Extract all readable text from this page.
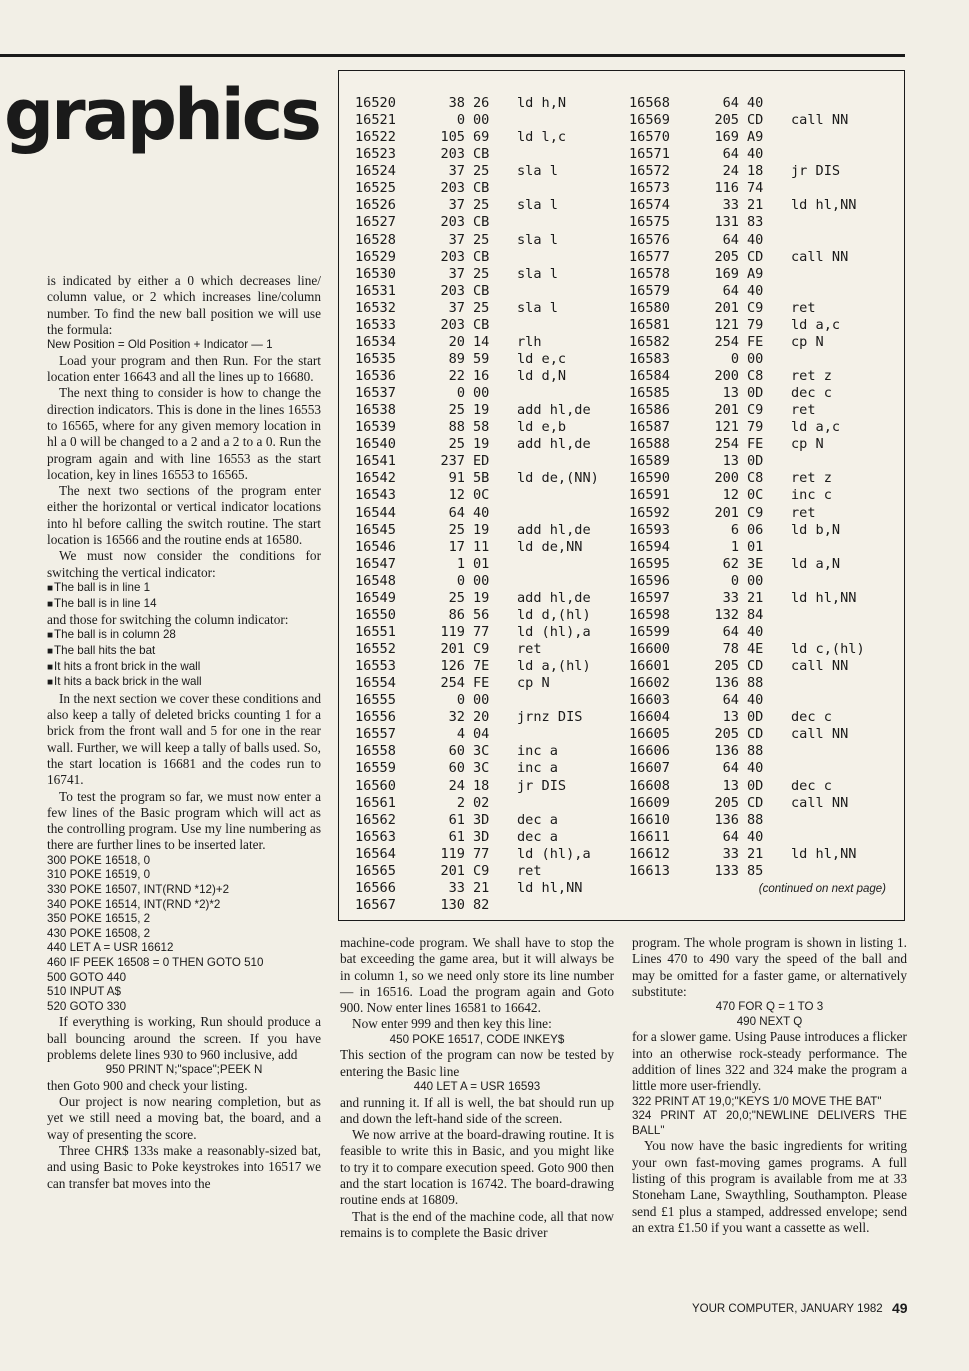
graphics

is indicated by either a 0 which decreases line/ column value, or 2 which increases line/column number. To find the new ball position we will use the formula:

New Position = Old Position + Indicator — 1

Load your program and then Run. For the start location enter 16643 and all the lines up to 16680.

The next thing to consider is how to change the direction indicators. This is done in the lines 16553 to 16565, where for any given memory location in hl a 0 will be changed to a 2 and a 2 to a 0. Run the program again and with line 16553 as the start location, key in lines 16553 to 16565.

The next two sections of the program enter either the horizontal or vertical indicator locations into hl before calling the switch routine. The start location is 16566 and the routine ends at 16580.

We must now consider the conditions for switching the vertical indicator:

■ The ball is in line 1

■ The ball is in line 14

and those for switching the column indicator:

■ The ball is in column 28

■ The ball hits the bat

■ It hits a front brick in the wall

■ It hits a back brick in the wall

In the next section we cover these conditions and also keep a tally of deleted bricks counting 1 for a brick from the front wall and 5 for one in the rear wall. Further, we will keep a tally of balls used. So, the start location is 16681 and the codes run to 16741.

To test the program so far, we must now enter a few lines of the Basic program which will act as the controlling program. Use my line numbering as there are further lines to be inserted later.

300 POKE 16518, 0

310 POKE 16519, 0

330 POKE 16507, INT(RND *12)+2

340 POKE 16514, INT(RND *2)*2

350 POKE 16515, 2

430 POKE 16508, 2

440 LET A = USR 16612

460 IF PEEK 16508 = 0 THEN GOTO 510

500 GOTO 440

510 INPUT A$

520 GOTO 330

If everything is working, Run should produce a ball bouncing around the screen. If you have problems delete lines 930 to 960 inclusive, add

950 PRINT N;"space";PEEK N

then Goto 900 and check your listing.

Our project is now nearing completion, but as yet we still need a moving bat, the board, and a way of presenting the score.

Three CHR$ 133s make a reasonably-sized bat, and using Basic to Poke keystrokes into 16517 we can transfer bat moves into the

16520	38 26 ld h,N
16521	0 00
16522	105 69 ld l,c
16523	203 CB
16524	37 25 sla l
16525	203 CB
16526	37 25 sla l
16527	203 CB
16528	37 25 sla l
16529	203 CB
16530	37 25 sla l
16531	203 CB
16532	37 25 sla l
16533	203 CB
16534	20 14 rlh
16535	89 59 ld e,c
16536	22 16 ld d,N
16537	0 00
16538	25 19 add hl,de
16539	88 58 ld e,b
16540	25 19 add hl,de
16541	237 ED
16542	91 5B ld de,(NN)
16543	12 0C
16544	64 40
16545	25 19 add hl,de
16546	17 11 ld de,NN
16547	1 01
16548	0 00
16549	25 19 add hl,de
16550	86 56 ld d,(hl)
16551	119 77 ld (hl),a
16552	201 C9 ret
16553	126 7E ld a,(hl)
16554	254 FE cp N
16555	0 00
16556	32 20 jrnz DIS
16557	4 04
16558	60 3C inc a
16559	60 3C inc a
16560	24 18 jr DIS
16561	2 02
16562	61 3D dec a
16563	61 3D dec a
16564	119 77 ld (hl),a
16565	201 C9 ret
16566	33 21 ld hl,NN
16567	130 82
16568	64 40
16569	205 CD call NN
16570	169 A9
16571	64 40
16572	24 18 jr DIS
16573	116 74
16574	33 21 ld hl,NN
16575	131 83
16576	64 40
16577	205 CD call NN
16578	169 A9
16579	64 40
16580	201 C9 ret
16581	121 79 ld a,c
16582	254 FE cp N
16583	0 00
16584	200 C8 ret z
16585	13 0D dec c
16586	201 C9 ret
16587	121 79 ld a,c
16588	254 FE cp N
16589	13 0D
16590	200 C8 ret z
16591	12 0C inc c
16592	201 C9 ret
16593	6 06 ld b,N
16594	1 01
16595	62 3E ld a,N
16596	0 00
16597	33 21 ld hl,NN
16598	132 84
16599	64 40
16600	78 4E ld c,(hl)
16601	205 CD call NN
16602	136 88
16603	64 40
16604	13 0D dec c
16605	205 CD call NN
16606	136 88
16607	64 40
16608	13 0D dec c
16609	205 CD call NN
16610	136 88
16611	64 40
16612	33 21 ld hl,NN
16613	133 85
(continued on next page)

machine-code program. We shall have to stop the bat exceeding the game area, but it will always be in column 1, so we need only store its line number — in 16516. Load the program again and Goto 900. Now enter lines 16581 to 16642.

Now enter 999 and then key this line:

450 POKE 16517, CODE INKEY$

This section of the program can now be tested by entering the Basic line

440 LET A = USR 16593

and running it. If all is well, the bat should run up and down the left-hand side of the screen.

We now arrive at the board-drawing routine. It is feasible to write this in Basic, and you might like to try it to compare execution speed. Goto 900 then and the start location is 16742. The board-drawing routine ends at 16809.

That is the end of the machine code, all that now remains is to complete the Basic driver

program. The whole program is shown in listing 1. Lines 470 to 490 vary the speed of the ball and may be omitted for a faster game, or alternatively substitute:

470 FOR Q = 1 TO 3

490 NEXT Q

for a slower game. Using Pause introduces a flicker into an otherwise rock-steady performance. The addition of lines 322 and 324 make the program a little more user-friendly.

322 PRINT AT 19,0;"KEYS 1/0 MOVE THE BAT"

324 PRINT AT 20,0;"NEWLINE DELIVERS THE BALL"

You now have the basic ingredients for writing your own fast-moving games programs. A full listing of this program is available from me at 33 Stoneham Lane, Swaythling, Southampton. Please send £1 plus a stamped, addressed envelope; send an extra £1.50 if you want a cassette as well.

YOUR COMPUTER, JANUARY 1982 49
